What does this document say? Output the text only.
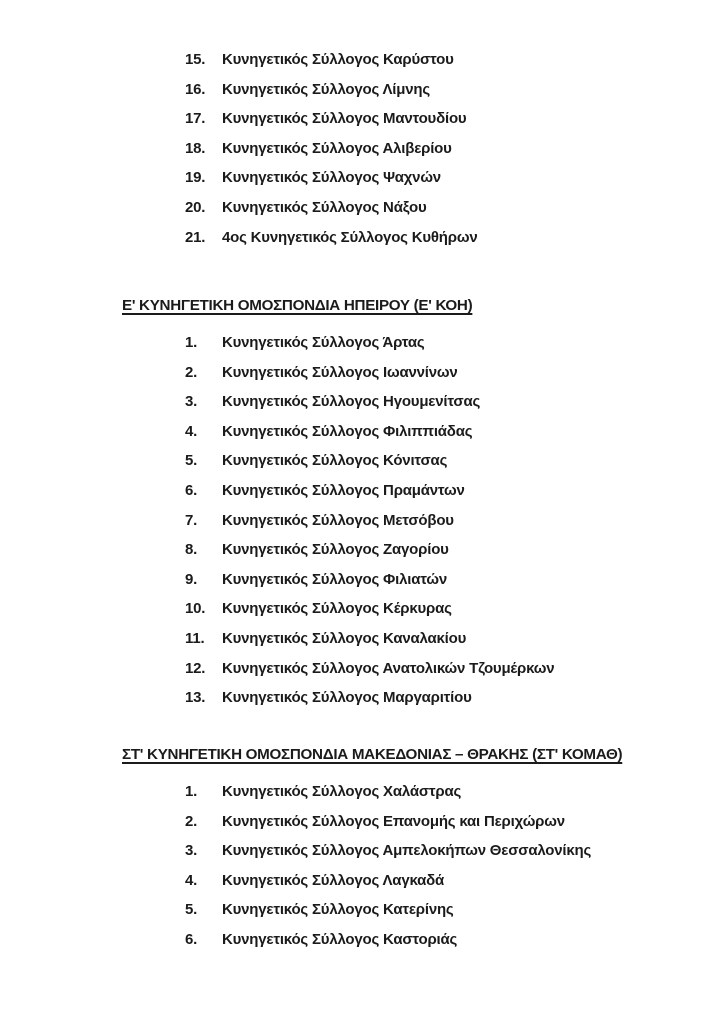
15.	Κυνηγετικός Σύλλογος Καρύστου
16.	Κυνηγετικός Σύλλογος Λίμνης
17.	Κυνηγετικός Σύλλογος Μαντουδίου
18.	Κυνηγετικός Σύλλογος Αλιβερίου
19.	Κυνηγετικός Σύλλογος Ψαχνών
20.	Κυνηγετικός Σύλλογος Νάξου
21.	4ος Κυνηγετικός Σύλλογος Κυθήρων
Ε' ΚΥΝΗΓΕΤΙΚΗ ΟΜΟΣΠΟΝΔΙΑ ΗΠΕΙΡΟΥ (Ε' ΚΟΗ)
1.	Κυνηγετικός Σύλλογος Άρτας
2.	Κυνηγετικός Σύλλογος Ιωαννίνων
3.	Κυνηγετικός Σύλλογος Ηγουμενίτσας
4.	Κυνηγετικός Σύλλογος Φιλιππιάδας
5.	Κυνηγετικός Σύλλογος Κόνιτσας
6.	Κυνηγετικός Σύλλογος Πραμάντων
7.	Κυνηγετικός Σύλλογος Μετσόβου
8.	Κυνηγετικός Σύλλογος Ζαγορίου
9.	Κυνηγετικός Σύλλογος Φιλιατών
10.	Κυνηγετικός Σύλλογος Κέρκυρας
11.	Κυνηγετικός Σύλλογος Καναλακίου
12.	Κυνηγετικός Σύλλογος Ανατολικών Τζουμέρκων
13.	Κυνηγετικός Σύλλογος Μαργαριτίου
ΣΤ' ΚΥΝΗΓΕΤΙΚΗ ΟΜΟΣΠΟΝΔΙΑ ΜΑΚΕΔΟΝΙΑΣ – ΘΡΑΚΗΣ (ΣΤ' ΚΟΜΑΘ)
1.	Κυνηγετικός Σύλλογος Χαλάστρας
2.	Κυνηγετικός Σύλλογος Επανομής και Περιχώρων
3.	Κυνηγετικός Σύλλογος Αμπελοκήπων Θεσσαλονίκης
4.	Κυνηγετικός Σύλλογος Λαγκαδά
5.	Κυνηγετικός Σύλλογος Κατερίνης
6.	Κυνηγετικός Σύλλογος Καστοριάς
